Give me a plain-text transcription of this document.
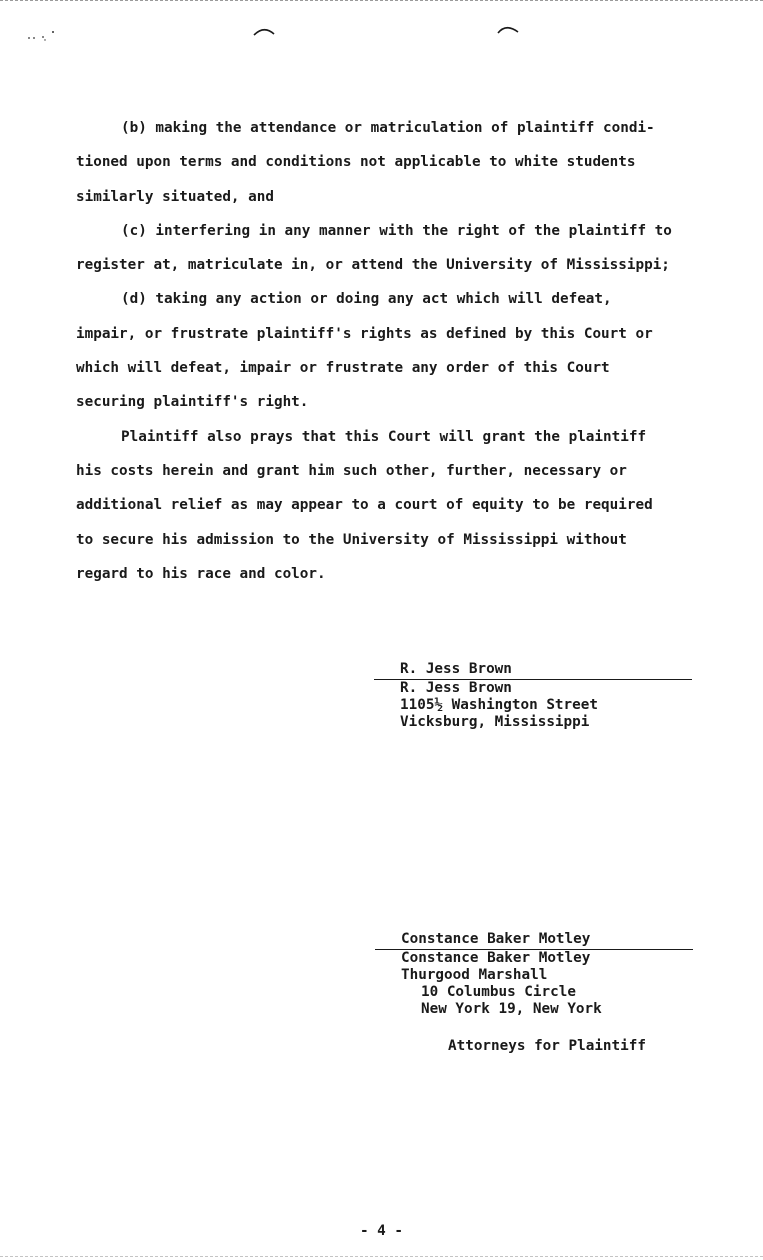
(b) making the attendance or matriculation of plaintiff condi-
tioned upon terms and conditions not applicable to white students
similarly situated, and

(c) interfering in any manner with the right of the plaintiff to
register at, matriculate in, or attend the University of Mississippi;

(d) taking any action or doing any act which will defeat,
impair, or frustrate plaintiff's rights as defined by this Court or
which will defeat, impair or frustrate any order of this Court
securing plaintiff's right.

Plaintiff also prays that this Court will grant the plaintiff
his costs herein and grant him such other, further, necessary or
additional relief as may appear to a court of equity to be required
to secure his admission to the University of Mississippi without
regard to his race and color.

R. Jess Brown
R. Jess Brown
1105½ Washington Street
Vicksburg, Mississippi
Constance Baker Motley
Constance Baker Motley
Thurgood Marshall
10 Columbus Circle
New York 19, New York
Attorneys for Plaintiff
- 4 -
